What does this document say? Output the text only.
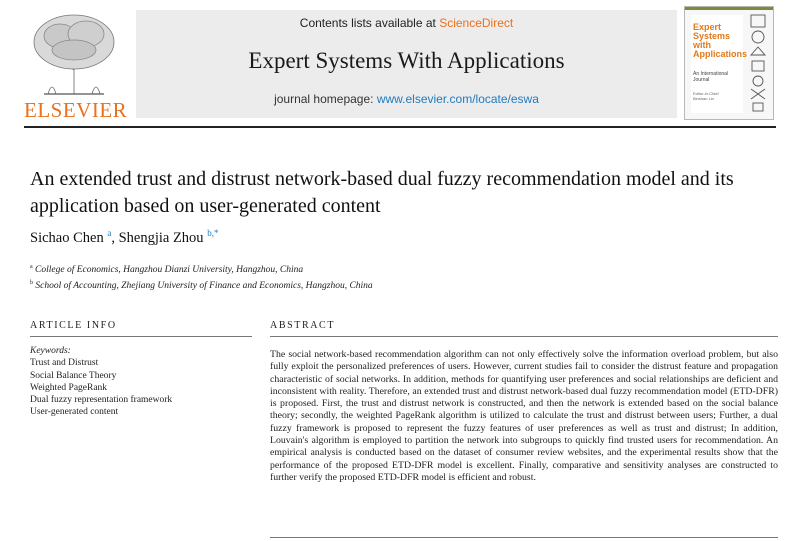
ELSEVIER
Contents lists available at ScienceDirect
Expert Systems With Applications
journal homepage: www.elsevier.com/locate/eswa
Expert
Systems
with
Applications
An International
Journal
Editor-in-Chief
Binshan Lin
An extended trust and distrust network-based dual fuzzy recommendation model and its application based on user-generated content
Sichao Chen $^a$, Shengjia Zhou $^{b,*}$
$^a$ College of Economics, Hangzhou Dianzi University, Hangzhou, China
$^b$ School of Accounting, Zhejiang University of Finance and Economics, Hangzhou, China
ARTICLE INFO	ABSTRACT
Keywords:
Trust and Distrust
Social Balance Theory
Weighted PageRank
Dual fuzzy representation framework
User-generated content
The social network-based recommendation algorithm can not only effectively solve the information overload problem, but also fully exploit the personalized preferences of users. However, current studies fail to consider the distrust feature and propagation characteristic of social networks. In addition, methods for quantifying user preferences and social relationships are deficient and inconsistent with reality. Therefore, an extended trust and distrust network-based dual fuzzy recommendation model (ETD-DFR) is proposed. First, the trust and distrust network is constructed, and then the network is extended based on the social balance theory; secondly, the weighted PageRank algorithm is utilized to calculate the trust and distrust between users; Further, a dual fuzzy framework is proposed to represent the fuzzy features of user preferences as well as trust and distrust; In addition, Louvain's algorithm is employed to partition the network into subgroups to quickly find trusted users for recommendation. An empirical analysis is conducted based on the dataset of consumer review websites, and the experimental results show that the performance of the proposed ETD-DFR model is excellent. Finally, comparative and sensitivity analyses are constructed to further verify the proposed ETD-DFR model is efficient and robust.
